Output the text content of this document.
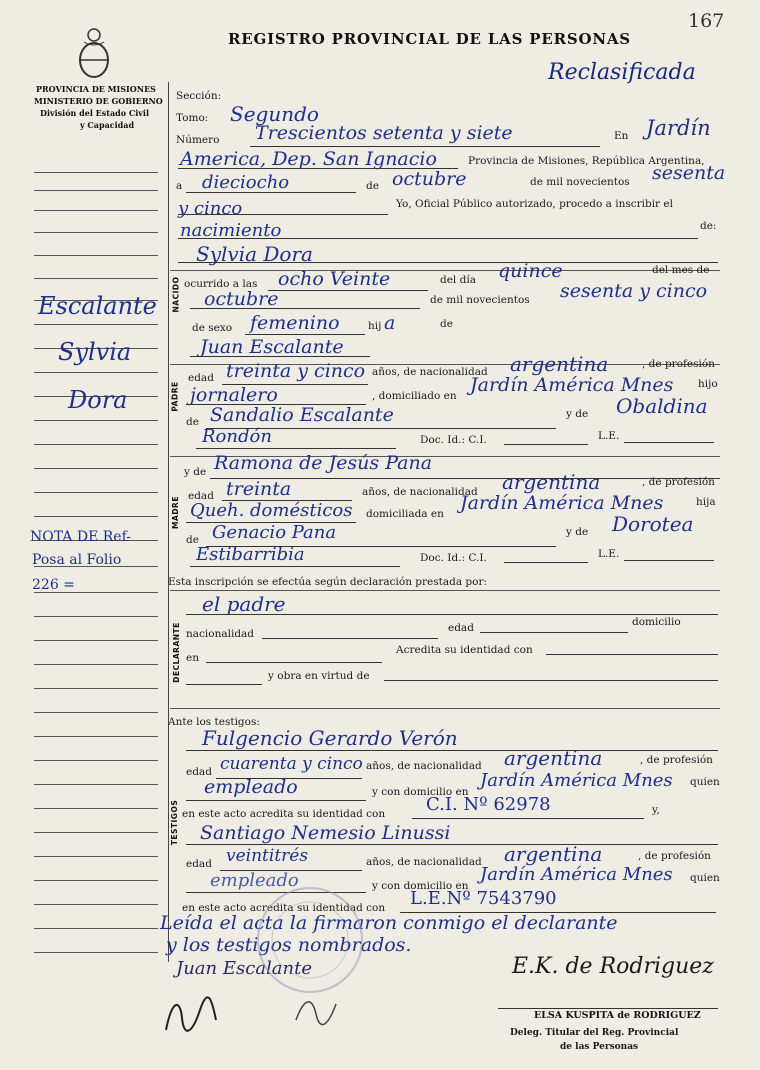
REGISTRO PROVINCIAL DE LAS PERSONAS
167
Reclasificada
PROVINCIA DE MISIONES
MINISTERIO DE GOBIERNO
División del Estado Civil
y Capacidad
Escalante
Sylvia
Dora
NOTA DE Ref-
Posa al Folio
226 =
NACIDO
PADRE
MADRE
DECLARANTE
TESTIGOS
Sección:
Tomo: Segundo
Número Trescientos setenta y siete	En Jardín
America, Dep. San Ignacio	Provincia de Misiones, República Argentina,
a dieciocho	de octubre	de mil novecientos sesenta
y cinco	Yo, Oficial Público autorizado, procedo a inscribir el
de:
nacimiento
Sylvia Dora
ocurrido a las ocho Veinte	del día quince	del mes de
octubre	de mil novecientos sesenta y cinco
de sexo femenino	hij a	de
Juan Escalante
edad treinta y cinco años, de nacionalidad argentina	, de profesión
jornalero	, domiciliado en Jardín América Mnes hijo
de Sandalio Escalante	y de Obaldina
Rondón	Doc. Id.: C.I.	L.E.
y de Ramona de Jesús Pana
edad treinta	años, de nacionalidad argentina	, de profesión
Queh. domésticos domiciliada en Jardín América Mnes	hija
de Genacio Pana	y de Dorotea
Estibarribia	Doc. Id.: C.I.	L.E.
Esta inscripción se efectúa según declaración prestada por:
el padre
nacionalidad	edad	domicilio
en
Acredita su identidad con
y obra en virtud de
Ante los testigos:
Fulgencio Gerardo Verón
edad cuarenta y cinco años, de nacionalidad argentina	, de profesión
empleado	y con domicilio en
Jardín América Mnes quien
en este acto acredita su identidad con C.I. Nº 62978	y,
Santiago Nemesio Linussi
edad veintitrés	años, de nacionalidad argentina	, de profesión
empleado	y con domicilio en
Jardín América Mnes quien
en este acto acredita su identidad con L.E.Nº 7543790
Leída el acta la firmaron conmigo el declarante
y los testigos nombrados.
Juan Escalante	E.K. de Rodriguez
ELSA KUSPITA de RODRIGUEZ
Deleg. Titular del Reg. Provincial
de las Personas
